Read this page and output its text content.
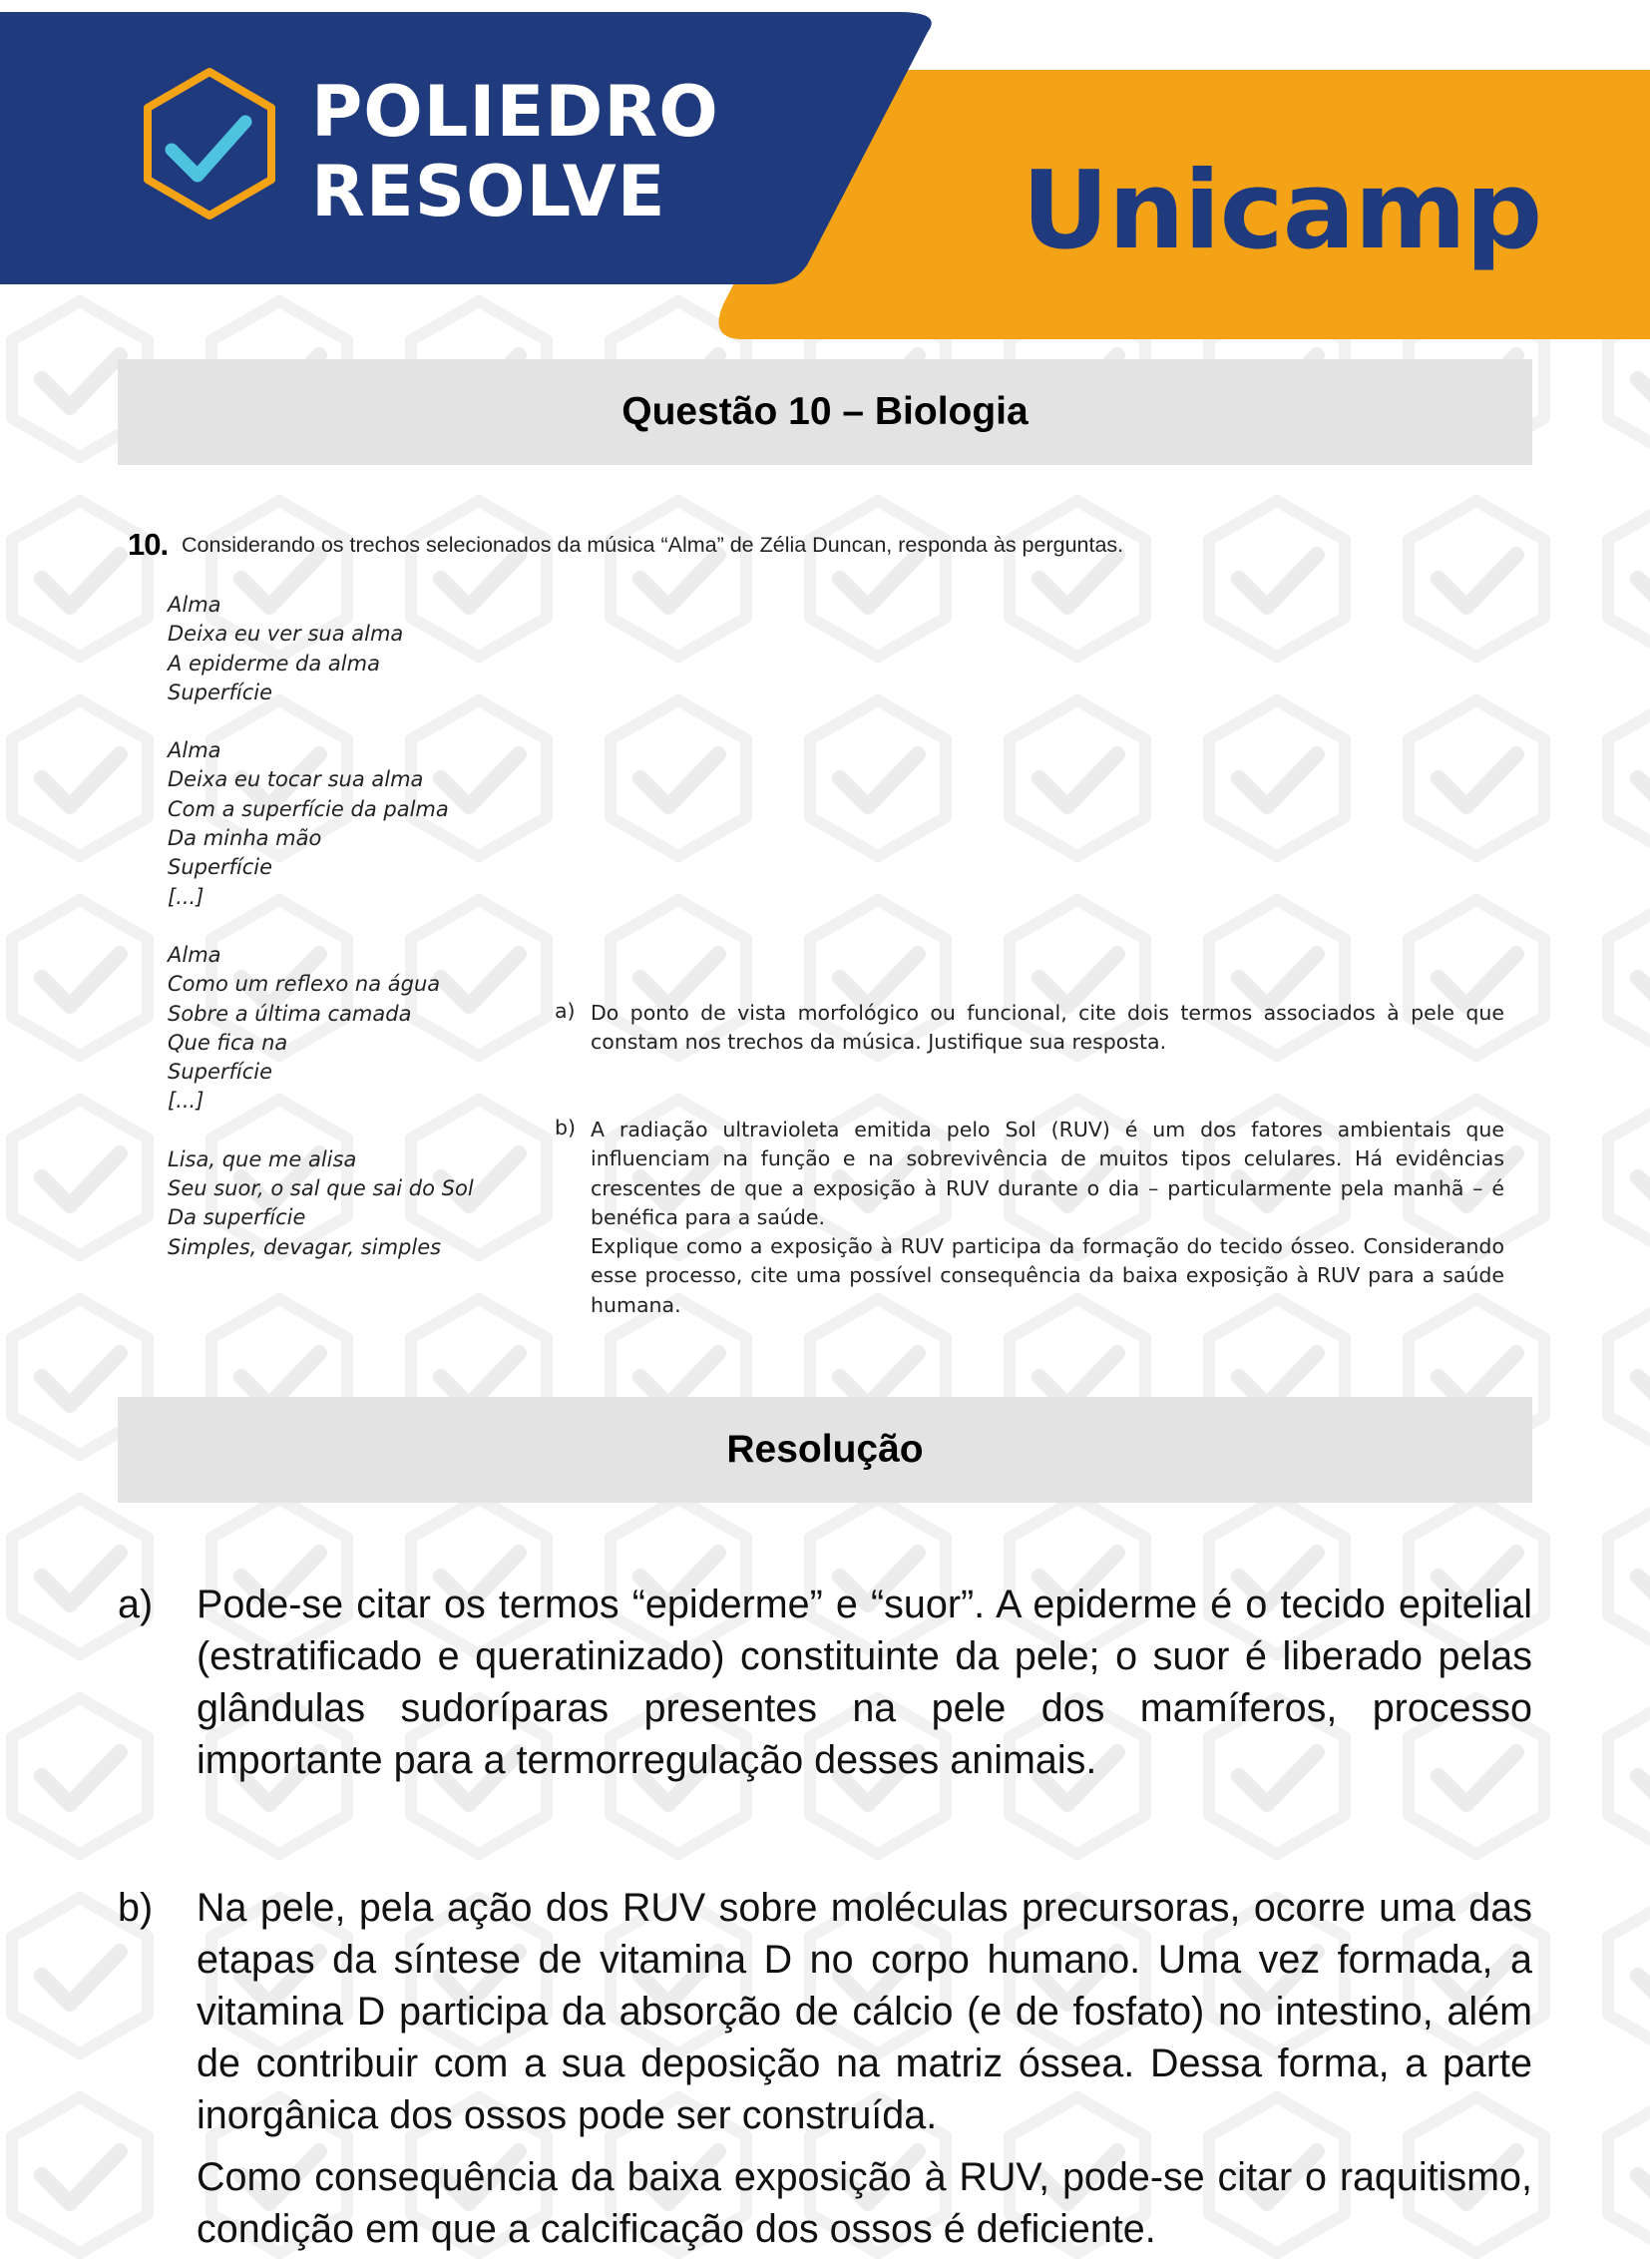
POLIEDRO
RESOLVE	Unicamp
Questão 10 – Biologia
10. Considerando os trechos selecionados da música “Alma” de Zélia Duncan, responda às perguntas.
Alma
Deixa eu ver sua alma
A epiderme da alma
Superfície
Alma
Deixa eu tocar sua alma
Com a superfície da palma
Da minha mão
Superfície
[...]
Alma
Como um reflexo na água
Sobre a última camada
Que fica na
Superfície
[...]
Lisa, que me alisa
Seu suor, o sal que sai do Sol
Da superfície
Simples, devagar, simples
a) Do ponto de vista morfológico ou funcional, cite dois termos associados à pele que constam nos trechos da música. Justifique sua resposta.

b) A radiação ultravioleta emitida pelo Sol (RUV) é um dos fatores ambientais que influenciam na função e na sobrevivência de muitos tipos celulares. Há evidências crescentes de que a exposição à RUV durante o dia – particularmente pela manhã – é benéfica para a saúde.

Explique como a exposição à RUV participa da formação do tecido ósseo. Considerando esse processo, cite uma possível consequência da baixa exposição à RUV para a saúde humana.

Resolução
a) Pode-se citar os termos “epiderme” e “suor”. A epiderme é o tecido epitelial (estratificado e queratinizado) constituinte da pele; o suor é liberado pelas glândulas sudoríparas presentes na pele dos mamíferos, processo importante para a termorregulação desses animais.

b) Na pele, pela ação dos RUV sobre moléculas precursoras, ocorre uma das etapas da síntese de vitamina D no corpo humano. Uma vez formada, a vitamina D participa da absorção de cálcio (e de fosfato) no intestino, além de contribuir com a sua deposição na matriz óssea. Dessa forma, a parte inorgânica dos ossos pode ser construída.

Como consequência da baixa exposição à RUV, pode-se citar o raquitismo, condição em que a calcificação dos ossos é deficiente.
